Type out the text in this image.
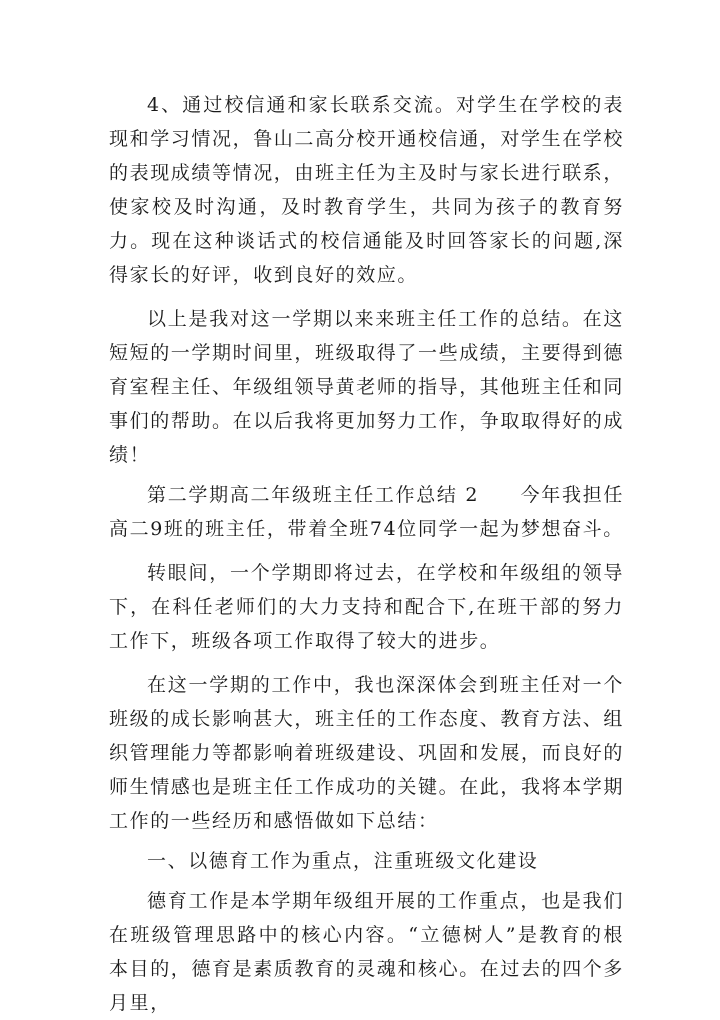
4、通过校信通和家长联系交流。对学生在学校的表现和学习情况，鲁山二高分校开通校信通，对学生在学校的表现成绩等情况，由班主任为主及时与家长进行联系，使家校及时沟通，及时教育学生，共同为孩子的教育努力。现在这种谈话式的校信通能及时回答家长的问题,深得家长的好评，收到良好的效应。

以上是我对这一学期以来来班主任工作的总结。在这短短的一学期时间里，班级取得了一些成绩，主要得到德育室程主任、年级组领导黄老师的指导，其他班主任和同事们的帮助。在以后我将更加努力工作，争取取得好的成绩！

第二学期高二年级班主任工作总结 2　　今年我担任高二9班的班主任，带着全班74位同学一起为梦想奋斗。

转眼间，一个学期即将过去，在学校和年级组的领导下，在科任老师们的大力支持和配合下,在班干部的努力工作下，班级各项工作取得了较大的进步。

在这一学期的工作中，我也深深体会到班主任对一个班级的成长影响甚大，班主任的工作态度、教育方法、组织管理能力等都影响着班级建设、巩固和发展，而良好的师生情感也是班主任工作成功的关键。在此，我将本学期工作的一些经历和感悟做如下总结：

一、以德育工作为重点，注重班级文化建设

德育工作是本学期年级组开展的工作重点，也是我们在班级管理思路中的核心内容。“立德树人”是教育的根本目的，德育是素质教育的灵魂和核心。在过去的四个多月里，
